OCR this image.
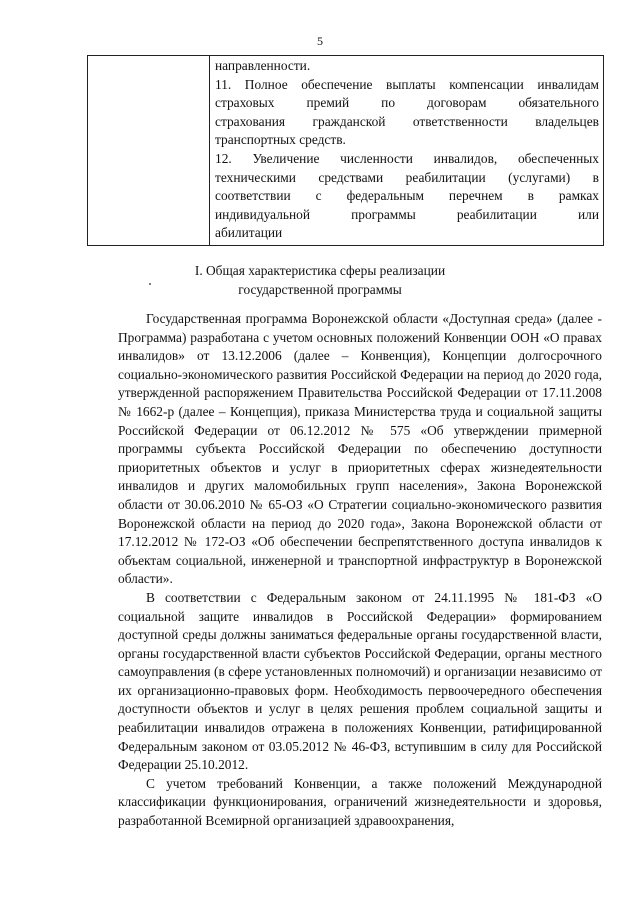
5

направленности.
11. Полное обеспечение выплаты компенсации инвалидам
страховых премий по договорам обязательного
страхования гражданской ответственности владельцев
транспортных средств.
12. Увеличение численности инвалидов, обеспеченных
техническими средствами реабилитации (услугами) в
соответствии с федеральным перечнем в рамках
индивидуальной программы реабилитации или
абилитации
I. Общая характеристика сферы реализации
государственной программы

Государственная программа Воронежской области «Доступная среда» (далее - Программа) разработана с учетом основных положений Конвенции ООН «О правах инвалидов» от 13.12.2006 (далее – Конвенция), Концепции долгосрочного социально-экономического развития Российской Федерации на период до 2020 года, утвержденной распоряжением Правительства Российской Федерации от 17.11.2008 № 1662-р (далее – Концепция), приказа Министерства труда и социальной защиты Российской Федерации от 06.12.2012 № 575 «Об утверждении примерной программы субъекта Российской Федерации по обеспечению доступности приоритетных объектов и услуг в приоритетных сферах жизнедеятельности инвалидов и других маломобильных групп населения», Закона Воронежской области от 30.06.2010 № 65-ОЗ «О Стратегии социально-экономического развития Воронежской области на период до 2020 года», Закона Воронежской области от 17.12.2012 № 172-ОЗ «Об обеспечении беспрепятственного доступа инвалидов к объектам социальной, инженерной и транспортной инфраструктур в Воронежской области».

В соответствии с Федеральным законом от 24.11.1995 № 181-ФЗ «О социальной защите инвалидов в Российской Федерации» формированием доступной среды должны заниматься федеральные органы государственной власти, органы государственной власти субъектов Российской Федерации, органы местного самоуправления (в сфере установленных полномочий) и организации независимо от их организационно-правовых форм. Необходимость первоочередного обеспечения доступности объектов и услуг в целях решения проблем социальной защиты и реабилитации инвалидов отражена в положениях Конвенции, ратифицированной Федеральным законом от 03.05.2012 № 46-ФЗ, вступившим в силу для Российской Федерации 25.10.2012.

С учетом требований Конвенции, а также положений Международной классификации функционирования, ограничений жизнедеятельности и здоровья, разработанной Всемирной организацией здравоохранения,
